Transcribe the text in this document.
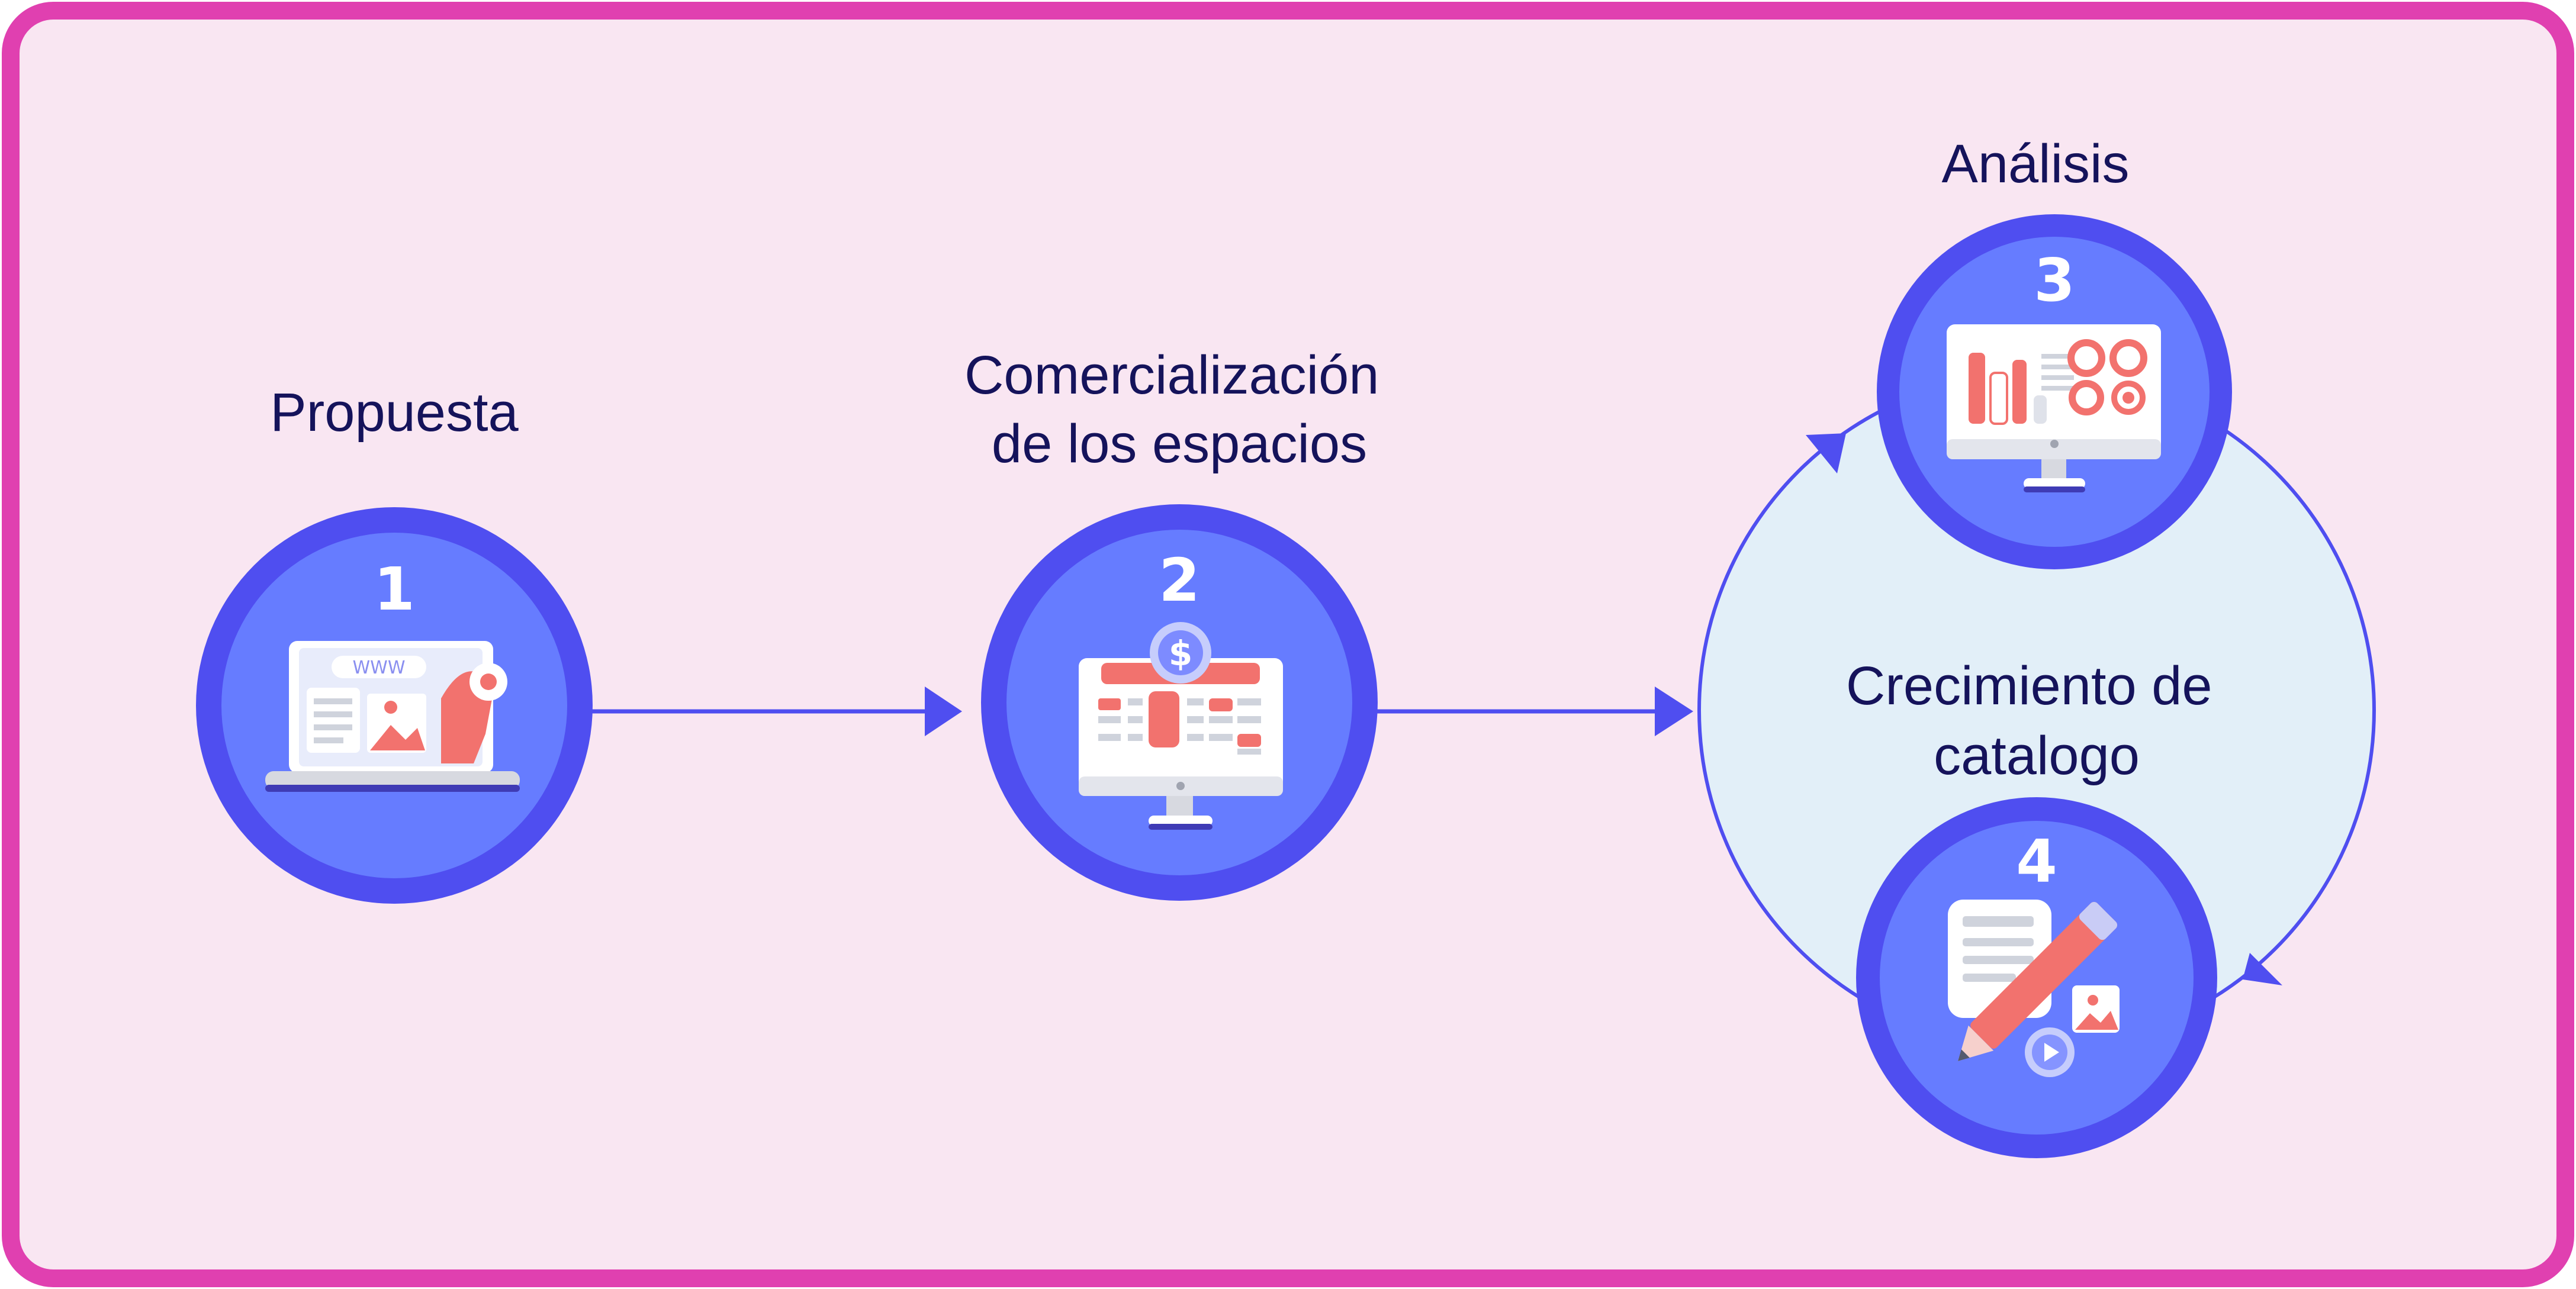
1
WWW
2
$
3
4
Propuesta
Comercialización de los espacios
Análisis
Crecimiento de catalogo
